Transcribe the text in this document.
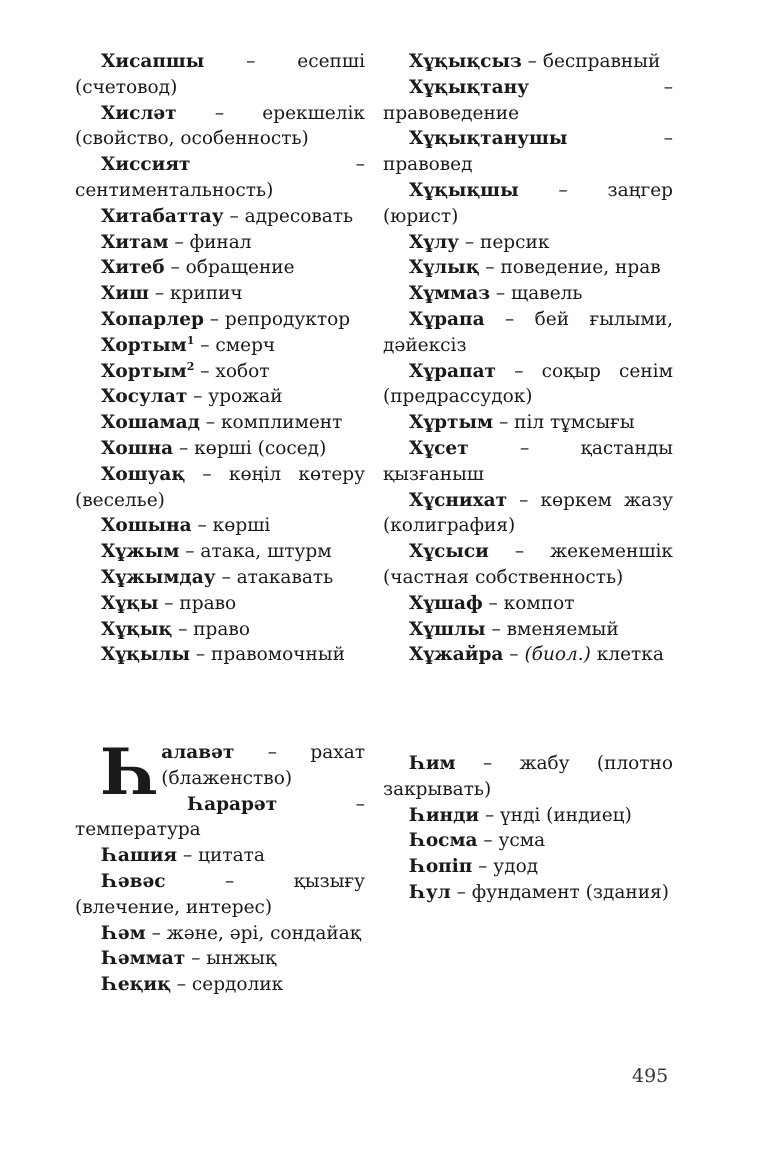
Хисапшы – есепші (счетовод)

Хисләт – ерекшелік (свойство, особенность)

Хиссият – сентиментальность)

Хитабаттау – адресовать

Хитам – финал

Хитеб – обращение

Хиш – крипич

Хопарлер – репродуктор

Хортым$^1$ – смерч

Хортым$^2$ – хобот

Хосулат – урожай

Хошамад – комплимент

Хошна – көрші (сосед)

Хошуақ – көңіл көтеру (веселье)

Хошына – көрші

Хұжым – атака, штурм

Хұжымдау – атакавать

Хұқы – право

Хұқық – право

Хұқылы – правомочный

Хұқықсыз – бесправный

Хұқықтану – правоведение

Хұқықтанушы – правовед

Хұқықшы – заңгер (юрист)

Хұлу – персик

Хұлық – поведение, нрав

Хұммаз – щавель

Хұрапа – бей ғылыми, дәйексіз

Хұрапат – соқыр сенім (предрассудок)

Хұртым – піл тұмсығы

Хұсет – қастанды қызғаныш

Хұснихат – көркем жазу (колиграфия)

Хұсыси – жекеменшік (частная собственность)

Хұшаф – компот

Хұшлы – вменяемый

Хұжайра – (биол.) клетка

Һалавәт – рахат (блаженство)

Һарарәт – температура

Һашия – цитата

Һәвәс – қызығу (влечение, интерес)

Һәм – және, әрі, сондайақ

Һәммат – ынжық

Һеқиқ – сердолик

Һим – жабу (плотно закрывать)

Һинди – үнді (индиец)

Һосма – усма

Һопіп – удод

Һул – фундамент (здания)

495
